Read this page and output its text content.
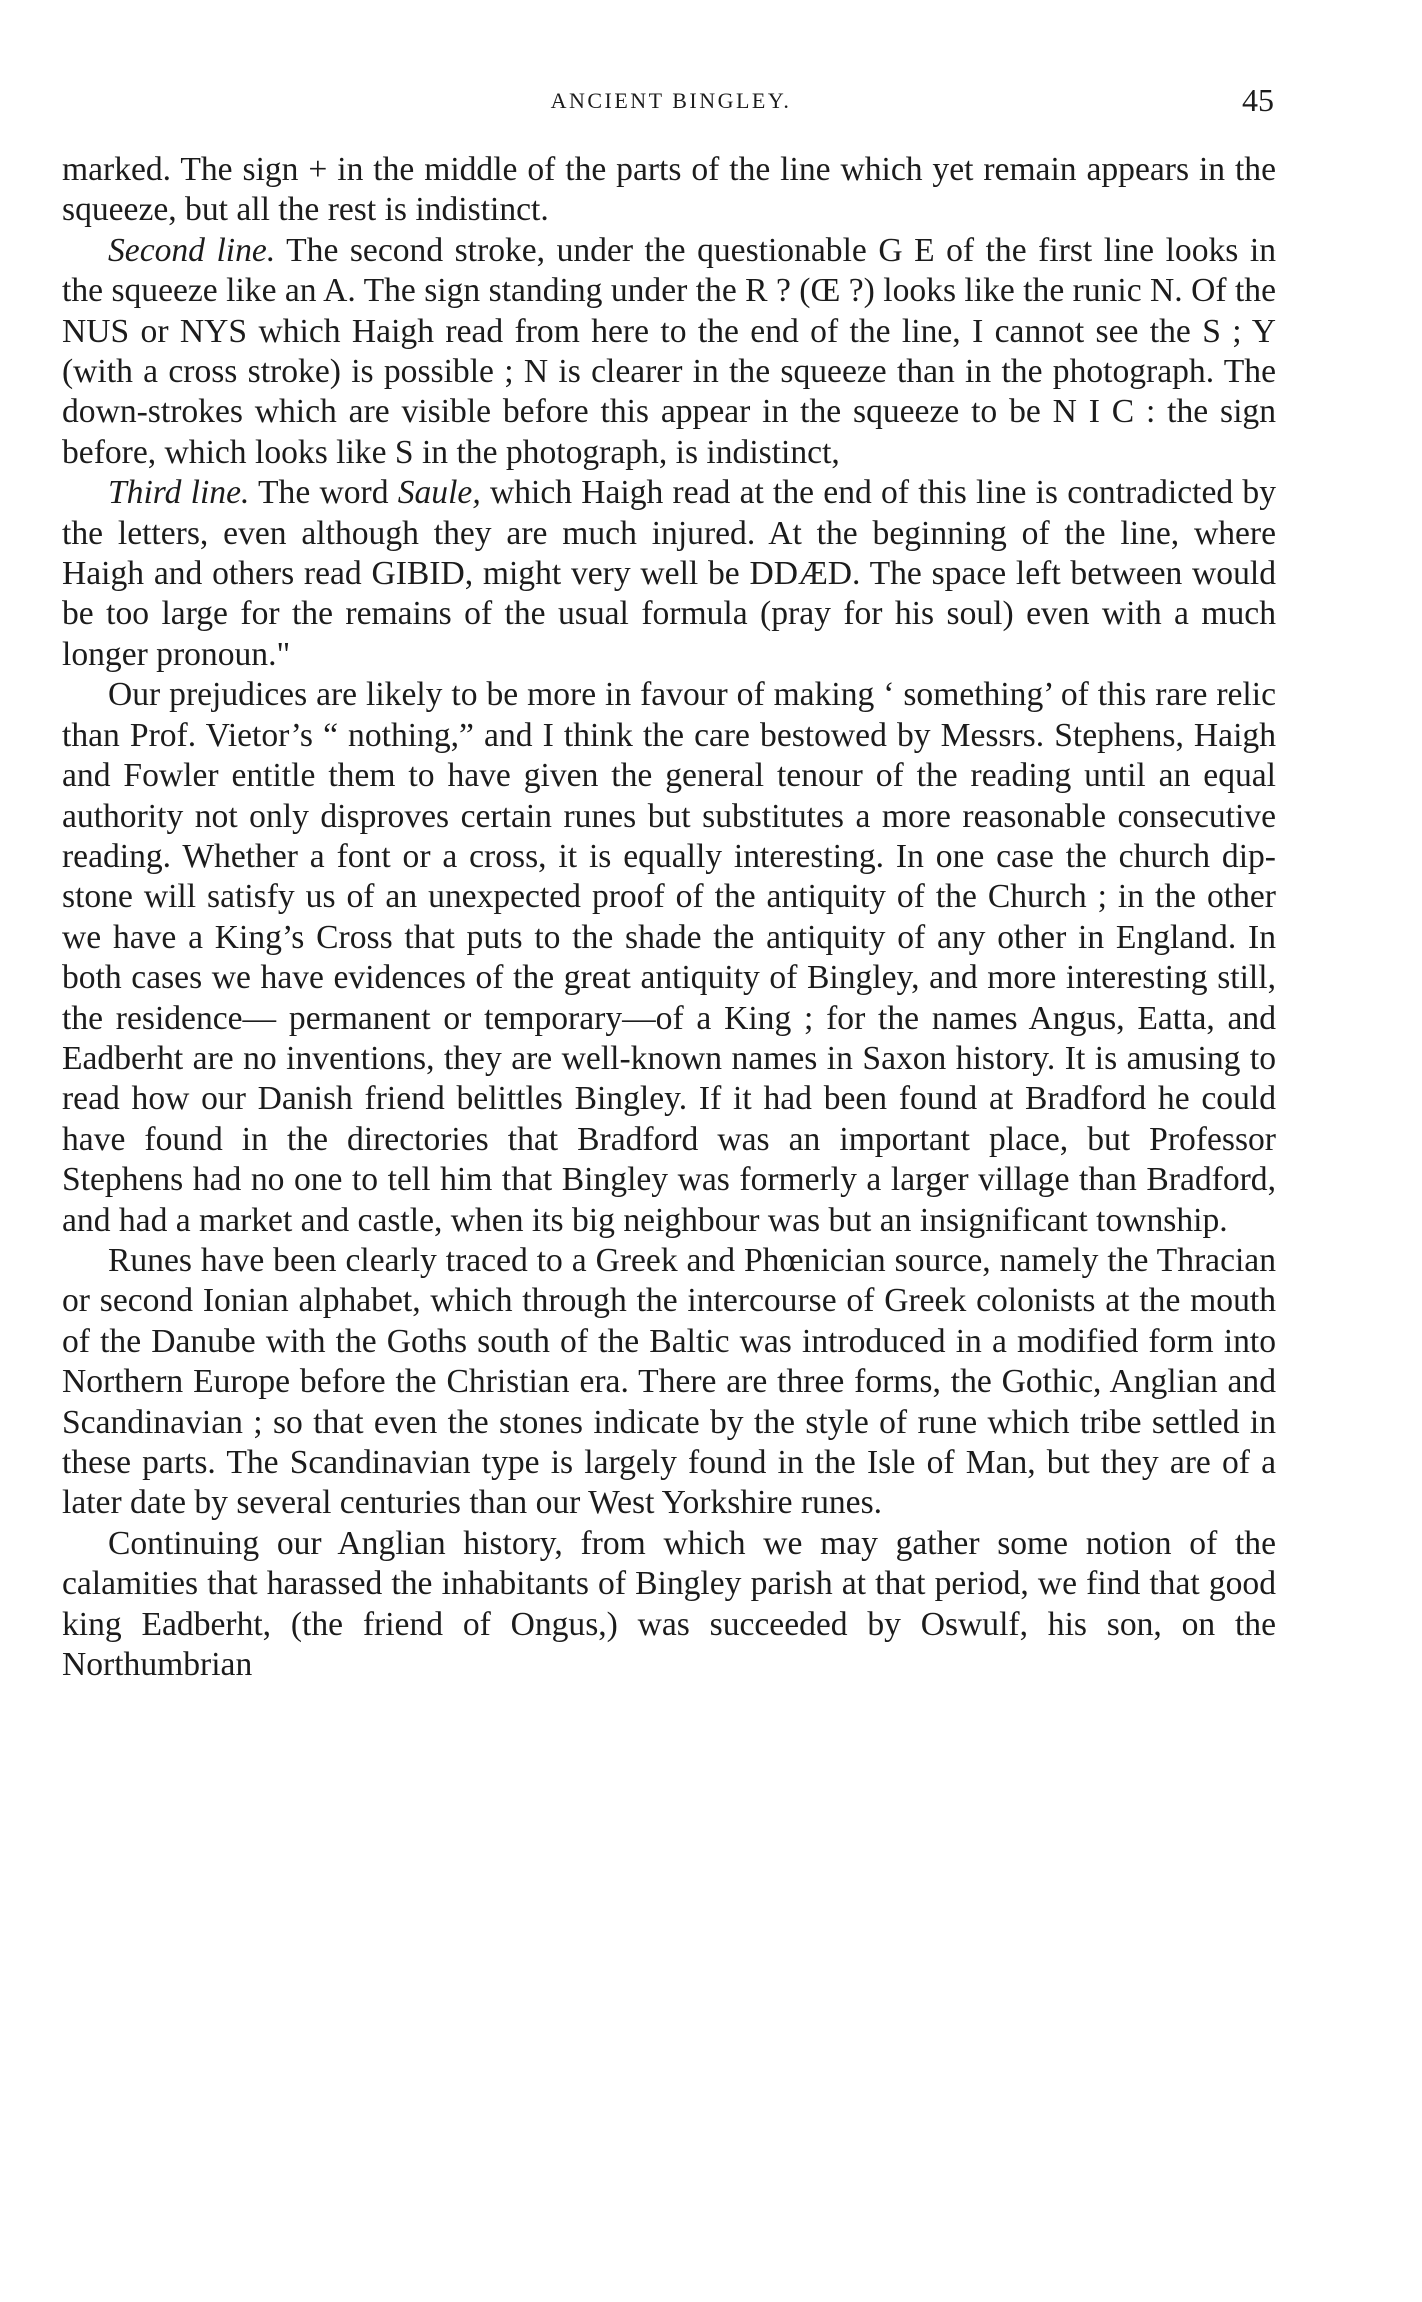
ANCIENT BINGLEY.	45

marked. The sign + in the middle of the parts of the line which yet remain appears in the squeeze, but all the rest is indistinct.

Second line. The second stroke, under the questionable G E of the first line looks in the squeeze like an A. The sign standing under the R ? (Œ ?) looks like the runic N. Of the NUS or NYS which Haigh read from here to the end of the line, I cannot see the S ; Y (with a cross stroke) is possible ; N is clearer in the squeeze than in the photograph. The down-strokes which are visible before this appear in the squeeze to be N I C : the sign before, which looks like S in the photograph, is indistinct,

Third line. The word Saule, which Haigh read at the end of this line is contradicted by the letters, even although they are much injured. At the beginning of the line, where Haigh and others read GIBID, might very well be DDÆD. The space left between would be too large for the remains of the usual formula (pray for his soul) even with a much longer pronoun."

Our prejudices are likely to be more in favour of making ‘ something’ of this rare relic than Prof. Vietor’s “ nothing,” and I think the care bestowed by Messrs. Stephens, Haigh and Fowler entitle them to have given the general tenour of the reading until an equal authority not only disproves certain runes but substitutes a more reasonable consecutive reading. Whether a font or a cross, it is equally interesting. In one case the church dip-stone will satisfy us of an unexpected proof of the antiquity of the Church ; in the other we have a King’s Cross that puts to the shade the antiquity of any other in England. In both cases we have evidences of the great antiquity of Bingley, and more interesting still, the residence— permanent or temporary—of a King ; for the names Angus, Eatta, and Eadberht are no inventions, they are well-known names in Saxon history. It is amusing to read how our Danish friend belittles Bingley. If it had been found at Bradford he could have found in the directories that Bradford was an important place, but Professor Stephens had no one to tell him that Bingley was formerly a larger village than Bradford, and had a market and castle, when its big neighbour was but an insignificant township.

Runes have been clearly traced to a Greek and Phœnician source, namely the Thracian or second Ionian alphabet, which through the intercourse of Greek colonists at the mouth of the Danube with the Goths south of the Baltic was introduced in a modified form into Northern Europe before the Christian era. There are three forms, the Gothic, Anglian and Scandinavian ; so that even the stones indicate by the style of rune which tribe settled in these parts. The Scandinavian type is largely found in the Isle of Man, but they are of a later date by several centuries than our West Yorkshire runes.

Continuing our Anglian history, from which we may gather some notion of the calamities that harassed the inhabitants of Bingley parish at that period, we find that good king Eadberht, (the friend of Ongus,) was succeeded by Oswulf, his son, on the Northumbrian
